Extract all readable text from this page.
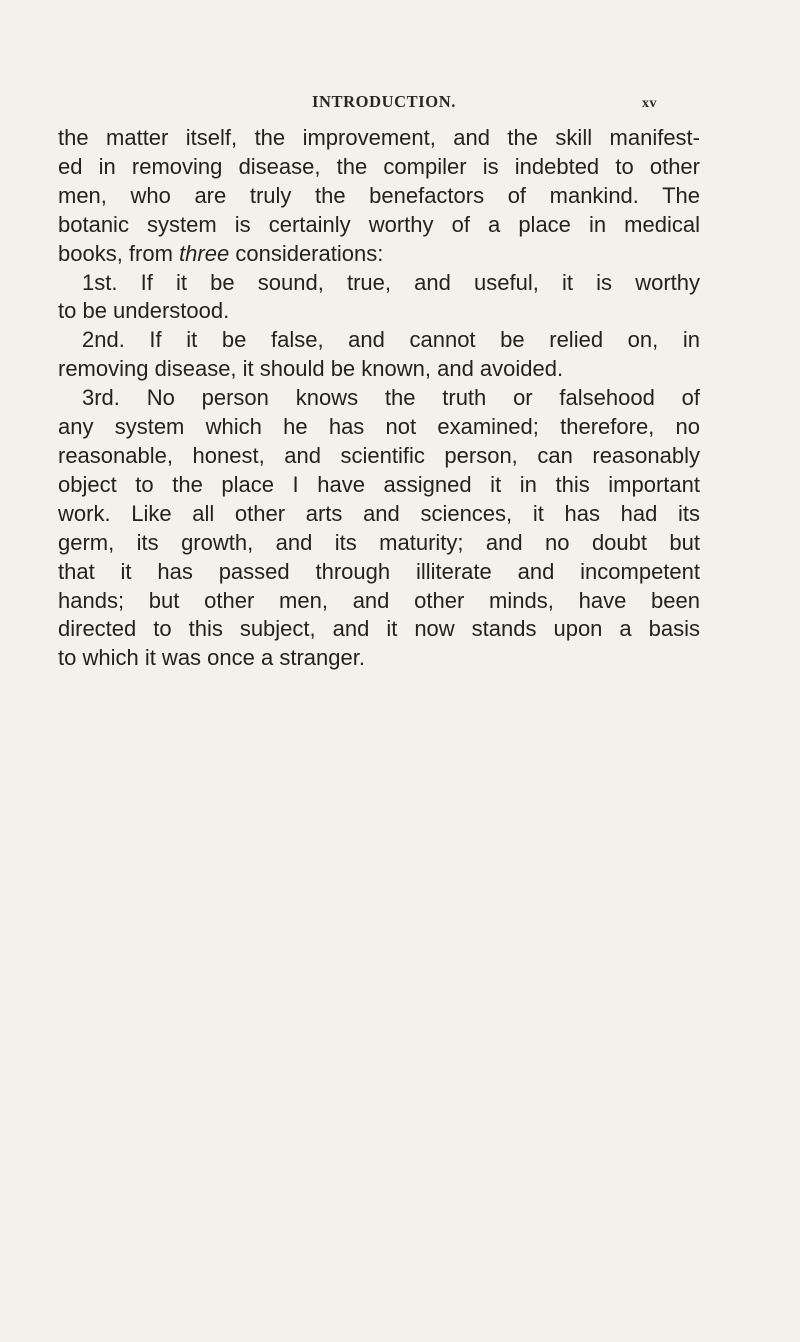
INTRODUCTION.	xv
the matter itself, the improvement, and the skill manifest-
ed in removing disease, the compiler is indebted to other
men, who are truly the benefactors of mankind. The
botanic system is certainly worthy of a place in medical
books, from three considerations:
1st. If it be sound, true, and useful, it is worthy
to be understood.
2nd. If it be false, and cannot be relied on, in
removing disease, it should be known, and avoided.
3rd. No person knows the truth or falsehood of
any system which he has not examined; therefore, no
reasonable, honest, and scientific person, can reasonably
object to the place I have assigned it in this important
work. Like all other arts and sciences, it has had its
germ, its growth, and its maturity; and no doubt but
that it has passed through illiterate and incompetent
hands; but other men, and other minds, have been
directed to this subject, and it now stands upon a basis
to which it was once a stranger.
